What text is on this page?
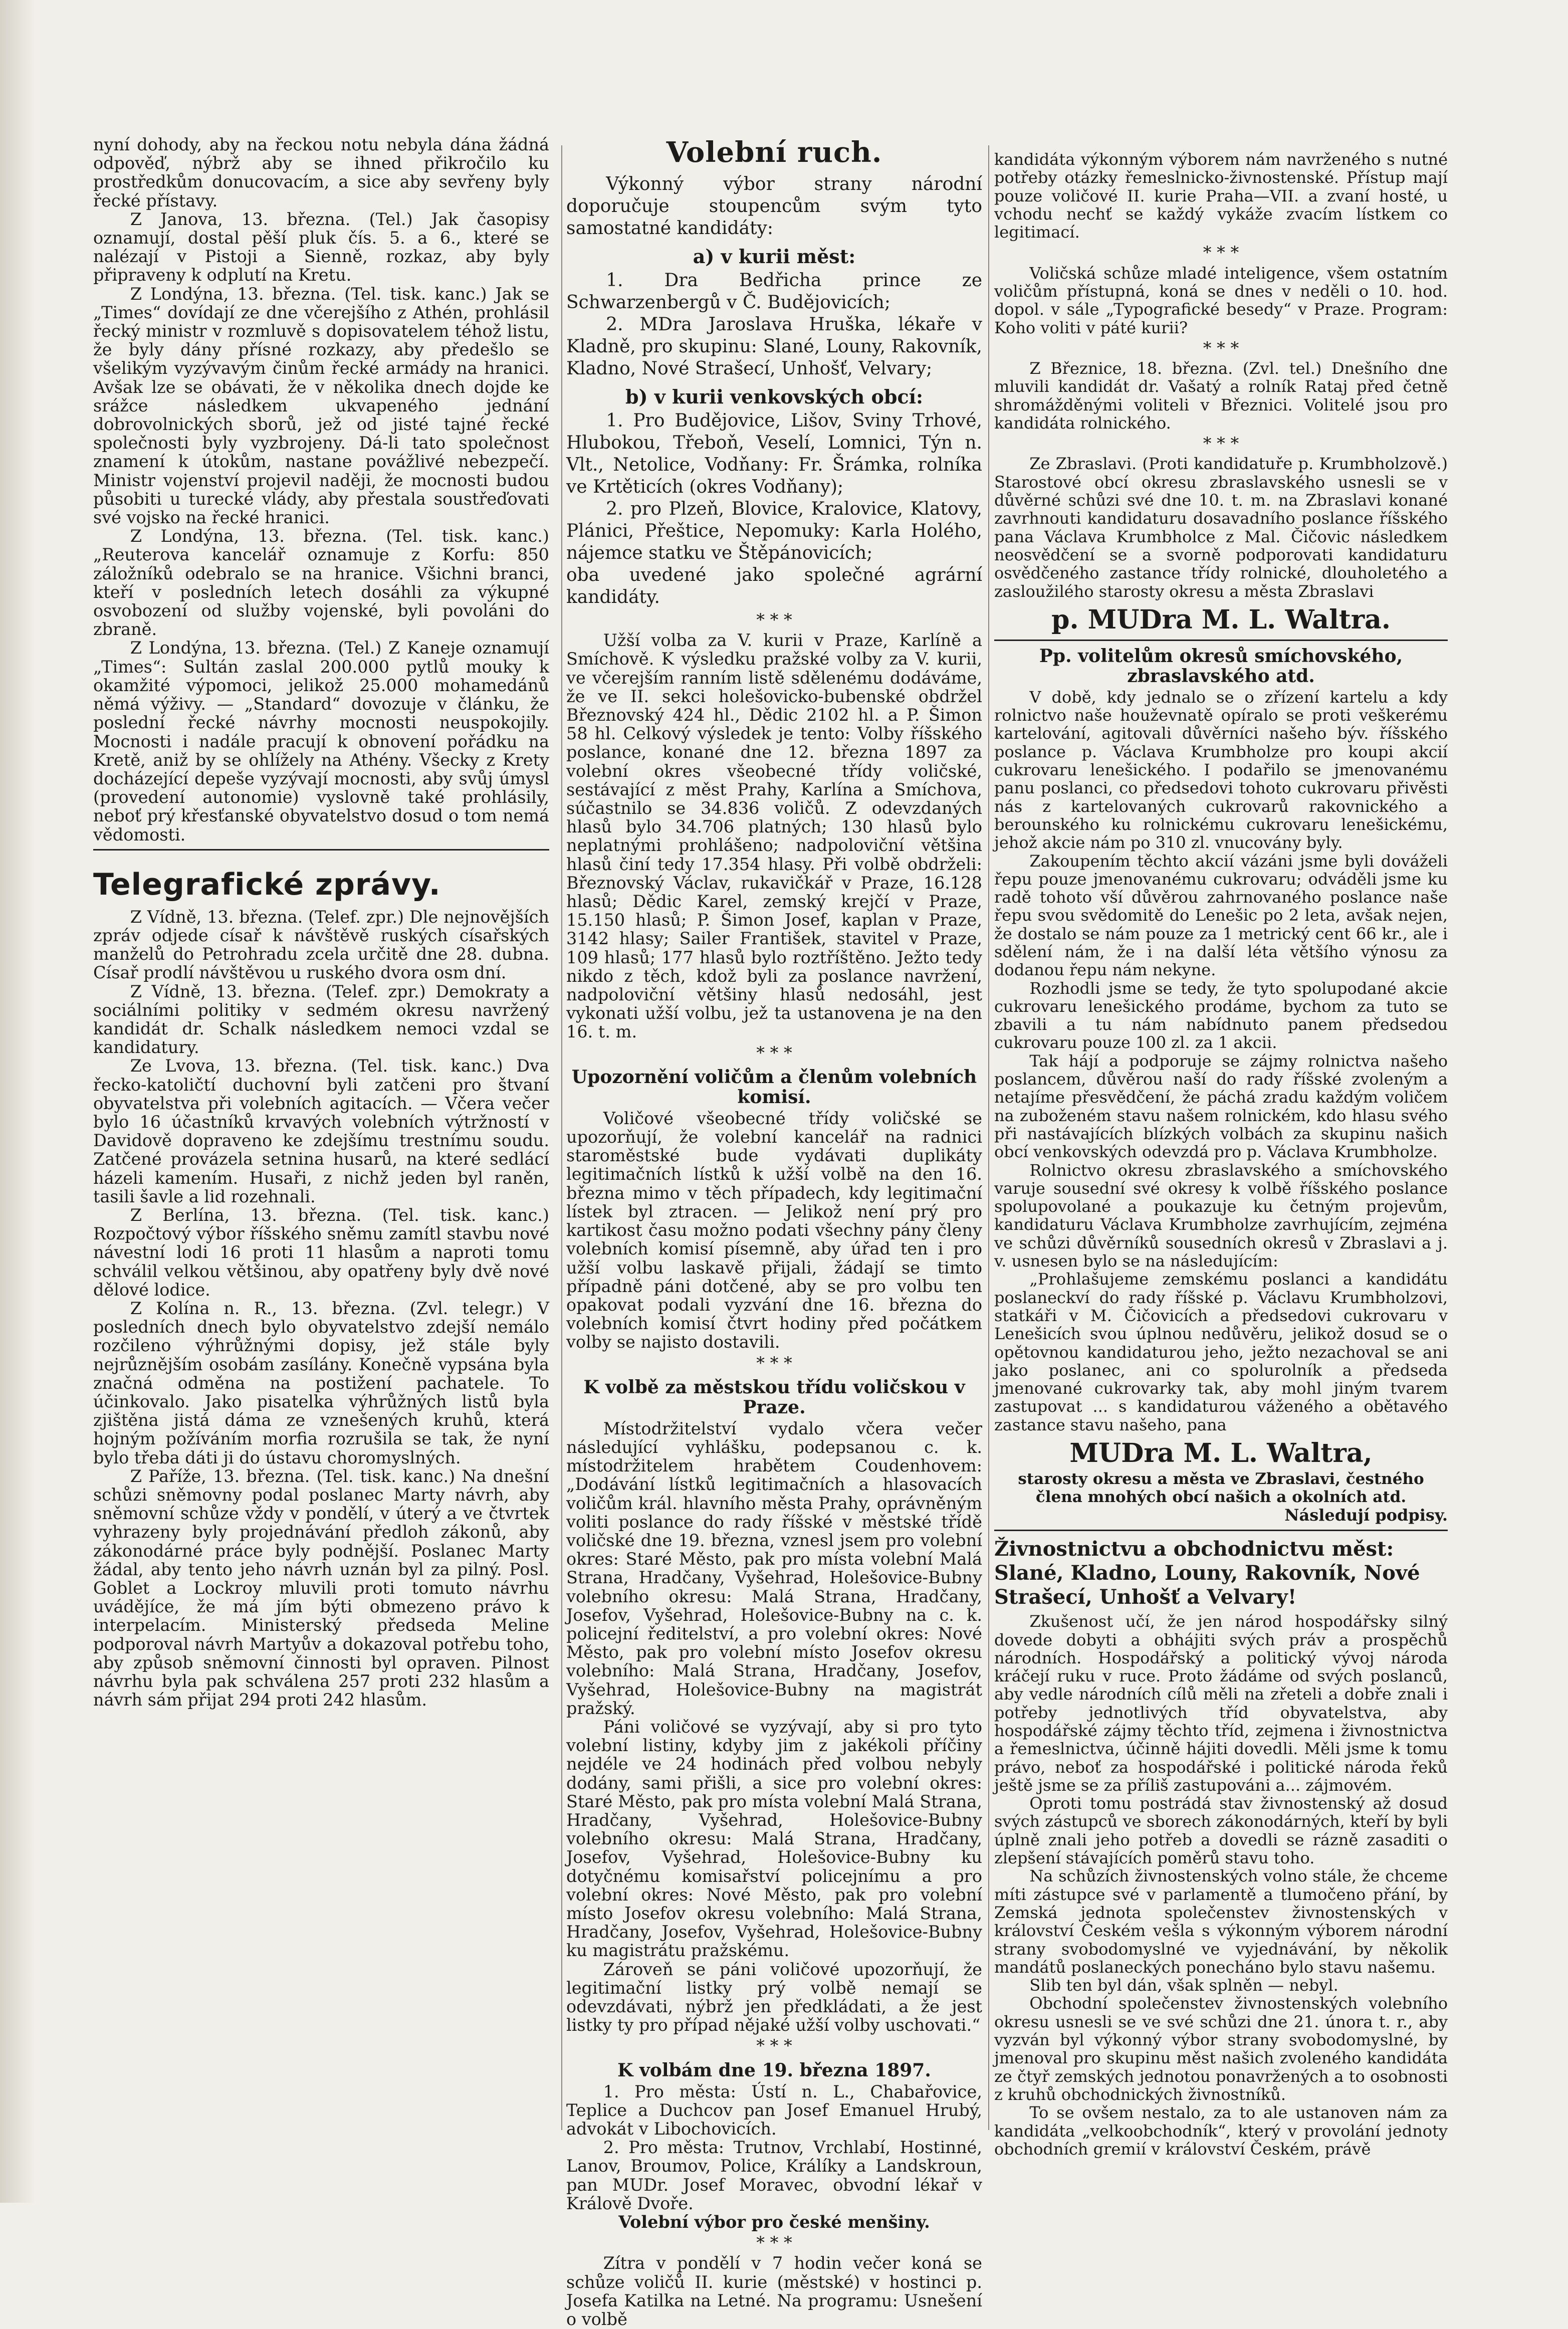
nyní dohody, aby na řeckou notu nebyla dána žádná odpověď, nýbrž aby se ihned přikročilo ku prostředkům donucovacím, a sice aby sevřeny byly řecké přístavy.

Z Janova, 13. března. (Tel.) Jak časopisy oznamují, dostal pěší pluk čís. 5. a 6., které se nalézají v Pistoji a Sienně, rozkaz, aby byly připraveny k odplutí na Kretu.

Z Londýna, 13. března. (Tel. tisk. kanc.) Jak se „Times“ dovídají ze dne včerejšího z Athén, prohlásil řecký ministr v rozmluvě s dopisovatelem téhož listu, že byly dány přísné rozkazy, aby předešlo se všelikým vyzývavým činům řecké armády na hranici. Avšak lze se obávati, že v několika dnech dojde ke srážce následkem ukvapeného jednání dobrovolnických sborů, jež od jisté tajné řecké společnosti byly vyzbrojeny. Dá-li tato společnost znamení k útokům, nastane povážlivé nebezpečí. Ministr vojenství projevil naději, že mocnosti budou působiti u turecké vlády, aby přestala soustřeďovati své vojsko na řecké hranici.

Z Londýna, 13. března. (Tel. tisk. kanc.) „Reuterova kancelář oznamuje z Korfu: 850 záložníků odebralo se na hranice. Všichni branci, kteří v posledních letech dosáhli za výkupné osvobození od služby vojenské, byli povoláni do zbraně.

Z Londýna, 13. března. (Tel.) Z Kaneje oznamují „Times“: Sultán zaslal 200.000 pytlů mouky k okamžité výpomoci, jelikož 25.000 mohamedánů němá výživy. — „Standard“ dovozuje v článku, že poslední řecké návrhy mocnosti neuspokojily. Mocnosti i nadále pracují k obnovení pořádku na Kretě, aniž by se ohlížely na Athény. Všecky z Krety docházející depeše vyzývají mocnosti, aby svůj úmysl (provedení autonomie) vyslovně také prohlásily, neboť prý křesťanské obyvatelstvo dosud o tom nemá vědomosti.

Telegrafické zprávy.

Z Vídně, 13. března. (Telef. zpr.) Dle nejnovějších zpráv odjede císař k návštěvě ruských císařských manželů do Petrohradu zcela určitě dne 28. dubna. Císař prodlí návštěvou u ruského dvora osm dní.

Z Vídně, 13. března. (Telef. zpr.) Demokraty a sociálními politiky v sedmém okresu navržený kandidát dr. Schalk následkem nemoci vzdal se kandidatury.

Ze Lvova, 13. března. (Tel. tisk. kanc.) Dva řecko-katoličtí duchovní byli zatčeni pro štvaní obyvatelstva při volebních agitacích. — Včera večer bylo 16 účastníků krvavých volebních výtržností v Davidově dopraveno ke zdejšímu trestnímu soudu. Zatčené provázela setnina husarů, na které sedlácí házeli kamením. Husaři, z nichž jeden byl raněn, tasili šavle a lid rozehnali.

Z Berlína, 13. března. (Tel. tisk. kanc.) Rozpočtový výbor říšského sněmu zamítl stavbu nové návestní lodi 16 proti 11 hlasům a naproti tomu schválil velkou většinou, aby opatřeny byly dvě nové dělové lodice.

Z Kolína n. R., 13. března. (Zvl. telegr.) V posledních dnech bylo obyvatelstvo zdejší nemálo rozčileno výhrůžnými dopisy, jež stále byly nejrůznějším osobám zasílány. Konečně vypsána byla značná odměna na postižení pachatele. To účinkovalo. Jako pisatelka výhrůžných listů byla zjištěna jistá dáma ze vznešených kruhů, která hojným požíváním morfia rozrušila se tak, že nyní bylo třeba dáti ji do ústavu choromyslných.

Z Paříže, 13. března. (Tel. tisk. kanc.) Na dnešní schůzi sněmovny podal poslanec Marty návrh, aby sněmovní schůze vždy v pondělí, v úterý a ve čtvrtek vyhrazeny byly projednávání předloh zákonů, aby zákonodárné práce byly podnější. Poslanec Marty žádal, aby tento jeho návrh uznán byl za pilný. Posl. Goblet a Lockroy mluvili proti tomuto návrhu uvádějíce, že má jím býti obmezeno právo k interpelacím. Ministerský předseda Meline podporoval návrh Martyův a dokazoval potřebu toho, aby způsob sněmovní činnosti byl opraven. Pilnost návrhu byla pak schválena 257 proti 232 hlasům a návrh sám přijat 294 proti 242 hlasům.

Volební ruch.

Výkonný výbor strany národní doporučuje stoupencům svým tyto samostatné kandidáty:

a) v kurii měst:

1. Dra Bedřicha prince ze Schwarzenbergů v Č. Budějovicích;

2. MDra Jaroslava Hruška, lékaře v Kladně, pro skupinu: Slané, Louny, Rakovník, Kladno, Nové Strašecí, Unhošť, Velvary;

b) v kurii venkovských obcí:

1. Pro Budějovice, Lišov, Sviny Trhové, Hlubokou, Třeboň, Veselí, Lomnici, Týn n. Vlt., Netolice, Vodňany: Fr. Šrámka, rolníka ve Krtěticích (okres Vodňany);

2. pro Plzeň, Blovice, Kralovice, Klatovy, Plánici, Přeštice, Nepomuky: Karla Holého, nájemce statku ve Štěpánovicích;

oba uvedené jako společné agrární kandidáty.

* * *

Užší volba za V. kurii v Praze, Karlíně a Smíchově. K výsledku pražské volby za V. kurii, ve včerejším ranním listě sdělenému dodáváme, že ve II. sekci holešovicko-bubenské obdržel Březnovský 424 hl., Dědic 2102 hl. a P. Šimon 58 hl. Celkový výsledek je tento: Volby říšského poslance, konané dne 12. března 1897 za volební okres všeobecné třídy voličské, sestávající z měst Prahy, Karlína a Smíchova, súčastnilo se 34.836 voličů. Z odevzdaných hlasů bylo 34.706 platných; 130 hlasů bylo neplatnými prohlášeno; nadpoloviční většina hlasů činí tedy 17.354 hlasy. Při volbě obdrželi: Březnovský Václav, rukavičkář v Praze, 16.128 hlasů; Dědic Karel, zemský krejčí v Praze, 15.150 hlasů; P. Šimon Josef, kaplan v Praze, 3142 hlasy; Sailer František, stavitel v Praze, 109 hlasů; 177 hlasů bylo roztříštěno. Ježto tedy nikdo z těch, kdož byli za poslance navržení, nadpoloviční většiny hlasů nedosáhl, jest vykonati užší volbu, jež ta ustanovena je na den 16. t. m.

* * *
Upozornění voličům a členům volebních komisí.

Voličové všeobecné třídy voličské se upozorňují, že volební kancelář na radnici staroměstské bude vydávati duplikáty legitimačních lístků k užší volbě na den 16. března mimo v těch případech, kdy legitimační lístek byl ztracen. — Jelikož není prý pro kartikost času možno podati všechny pány členy volebních komisí písemně, aby úřad ten i pro užší volbu laskavě přijali, žádají se timto případně páni dotčené, aby se pro volbu ten opakovat podali vyzvání dne 16. března do volebních komisí čtvrt hodiny před počátkem volby se najisto dostavili.

* * *
K volbě za městskou třídu voličskou v Praze.

Místodržitelství vydalo včera večer následující vyhlášku, podepsanou c. k. místodržitelem hrabětem Coudenhovem: „Dodávání lístků legitimačních a hlasovacích voličům král. hlavního města Prahy, oprávněným voliti poslance do rady říšské v městské třídě voličské dne 19. března, vznesl jsem pro volební okres: Staré Město, pak pro místa volební Malá Strana, Hradčany, Vyšehrad, Holešovice-Bubny volebního okresu: Malá Strana, Hradčany, Josefov, Vyšehrad, Holešovice-Bubny na c. k. policejní ředitelství, a pro volební okres: Nové Město, pak pro volební místo Josefov okresu volebního: Malá Strana, Hradčany, Josefov, Vyšehrad, Holešovice-Bubny na magistrát pražský.

Páni voličové se vyzývají, aby si pro tyto volební listiny, kdyby jim z jakékoli příčiny nejdéle ve 24 hodinách před volbou nebyly dodány, sami přišli, a sice pro volební okres: Staré Město, pak pro místa volební Malá Strana, Hradčany, Vyšehrad, Holešovice-Bubny volebního okresu: Malá Strana, Hradčany, Josefov, Vyšehrad, Holešovice-Bubny ku dotyčnému komisařství policejnímu a pro volební okres: Nové Město, pak pro volební místo Josefov okresu volebního: Malá Strana, Hradčany, Josefov, Vyšehrad, Holešovice-Bubny ku magistrátu pražskému.

Zároveň se páni voličové upozorňují, že legitimační listky prý volbě nemají se odevzdávati, nýbrž jen předkládati, a že jest listky ty pro případ nějaké užší volby uschovati.“

* * *
K volbám dne 19. března 1897.

1. Pro města: Ústí n. L., Chabařovice, Teplice a Duchcov pan Josef Emanuel Hrubý, advokát v Libochovicích.

2. Pro města: Trutnov, Vrchlabí, Hostinné, Lanov, Broumov, Police, Králíky a Landskroun, pan MUDr. Josef Moravec, obvodní lékař v Králově Dvoře.

Volební výbor pro české menšiny.

* * *

Zítra v pondělí v 7 hodin večer koná se schůze voličů II. kurie (městské) v hostinci p. Josefa Katilka na Letné. Na programu: Usnešení o volbě

kandidáta výkonným výborem nám navrženého s nutné potřeby otázky řemeslnicko-živnostenské. Přístup mají pouze voličové II. kurie Praha—VII. a zvaní hosté, u vchodu nechť se každý vykáže zvacím lístkem co legitimací.

* * *

Voličská schůze mladé inteligence, všem ostatním voličům přístupná, koná se dnes v neděli o 10. hod. dopol. v sále „Typografické besedy“ v Praze. Program: Koho voliti v páté kurii?

* * *

Z Březnice, 18. března. (Zvl. tel.) Dnešního dne mluvili kandidát dr. Vašatý a rolník Rataj před četně shromážděnými voliteli v Březnici. Volitelé jsou pro kandidáta rolnického.

* * *

Ze Zbraslavi. (Proti kandidatuře p. Krumbholzově.) Starostové obcí okresu zbraslavského usnesli se v důvěrné schůzi své dne 10. t. m. na Zbraslavi konané zavrhnouti kandidaturu dosavadního poslance říšského pana Václava Krumbholce z Mal. Čičovic následkem neosvědčení se a svorně podporovati kandidaturu osvědčeného zastance třídy rolnické, dlouholetého a zasloužilého starosty okresu a města Zbraslavi

p. MUDra M. L. Waltra.
Pp. volitelům okresů smíchovského, zbraslavského atd.

V době, kdy jednalo se o zřízení kartelu a kdy rolnictvo naše houževnatě opíralo se proti veškerému kartelování, agitovali důvěrníci našeho býv. říšského poslance p. Václava Krumbholze pro koupi akcií cukrovaru lenešického. I podařilo se jmenovanému panu poslanci, co předsedovi tohoto cukrovaru přivěsti nás z kartelovaných cukrovarů rakovnického a berounského ku rolnickému cukrovaru lenešickému, jehož akcie nám po 310 zl. vnucovány byly.

Zakoupením těchto akcií vázáni jsme byli dováželi řepu pouze jmenovanému cukrovaru; odváděli jsme ku radě tohoto vší důvěrou zahrnovaného poslance naše řepu svou svědomitě do Lenešic po 2 leta, avšak nejen, že dostalo se nám pouze za 1 metrický cent 66 kr., ale i sdělení nám, že i na další léta většího výnosu za dodanou řepu nám nekyne.

Rozhodli jsme se tedy, že tyto spolupodané akcie cukrovaru lenešického prodáme, bychom za tuto se zbavili a tu nám nabídnuto panem předsedou cukrovaru pouze 100 zl. za 1 akcii.

Tak hájí a podporuje se zájmy rolnictva našeho poslancem, důvěrou naší do rady říšské zvoleným a netajíme přesvědčení, že páchá zradu každým voličem na zuboženém stavu našem rolnickém, kdo hlasu svého při nastávajících blízkých volbách za skupinu našich obcí venkovských odevzdá pro p. Václava Krumbholze.

Rolnictvo okresu zbraslavského a smíchovského varuje sousední své okresy k volbě říšského poslance spolupovolané a poukazuje ku četným projevům, kandidaturu Václava Krumbholze zavrhujícím, zejména ve schůzi důvěrníků sousedních okresů v Zbraslavi a j. v. usnesen bylo se na následujícím:

„Prohlašujeme zemskému poslanci a kandidátu poslaneckví do rady říšské p. Václavu Krumbholzovi, statkáři v M. Čičovicích a předsedovi cukrovaru v Lenešicích svou úplnou nedůvěru, jelikož dosud se o opětovnou kandidaturou jeho, ježto nezachoval se ani jako poslanec, ani co spolurolník a předseda jmenované cukrovarky tak, aby mohl jiným tvarem zastupovat ... s kandidaturou váženého a obětavého zastance stavu našeho, pana

MUDra M. L. Waltra,
starosty okresu a města ve Zbraslavi, čestného člena mnohých obcí našich a okolních atd.
Následují podpisy.
Živnostnictvu a obchodnictvu měst: Slané, Kladno, Louny, Rakovník, Nové Strašecí, Unhošť a Velvary!

Zkušenost učí, že jen národ hospodářsky silný dovede dobyti a obhájiti svých práv a prospěchů národních. Hospodářský a politický vývoj národa kráčejí ruku v ruce. Proto žádáme od svých poslanců, aby vedle národních cílů měli na zřeteli a dobře znali i potřeby jednotlivých tříd obyvatelstva, aby hospodářské zájmy těchto tříd, zejmena i živnostnictva a řemeslnictva, účinně hájiti dovedli. Měli jsme k tomu právo, neboť za hospodářské i politické národa řeků ještě jsme se za příliš zastupováni a... zájmovém.

Oproti tomu postrádá stav živnostenský až dosud svých zástupců ve sborech zákonodárných, kteří by byli úplně znali jeho potřeb a dovedli se rázně zasaditi o zlepšení stávajících poměrů stavu toho.

Na schůzích živnostenských volno stále, že chceme míti zástupce své v parlamentě a tlumočeno přání, by Zemská jednota společenstev živnostenských v království Českém vešla s výkonným výborem národní strany svobodomyslné ve vyjednávání, by několik mandátů poslaneckých ponecháno bylo stavu našemu.

Slib ten byl dán, však splněn — nebyl.

Obchodní společenstev živnostenských volebního okresu usnesli se ve své schůzi dne 21. února t. r., aby vyzván byl výkonný výbor strany svobodomyslné, by jmenoval pro skupinu měst našich zvoleného kandidáta ze čtyř zemských jednotou ponavržených a to osobnosti z kruhů obchodnických živnostníků.

To se ovšem nestalo, za to ale ustanoven nám za kandidáta „velkoobchodník“, který v provolání jednoty obchodních gremií v království Českém, právě
